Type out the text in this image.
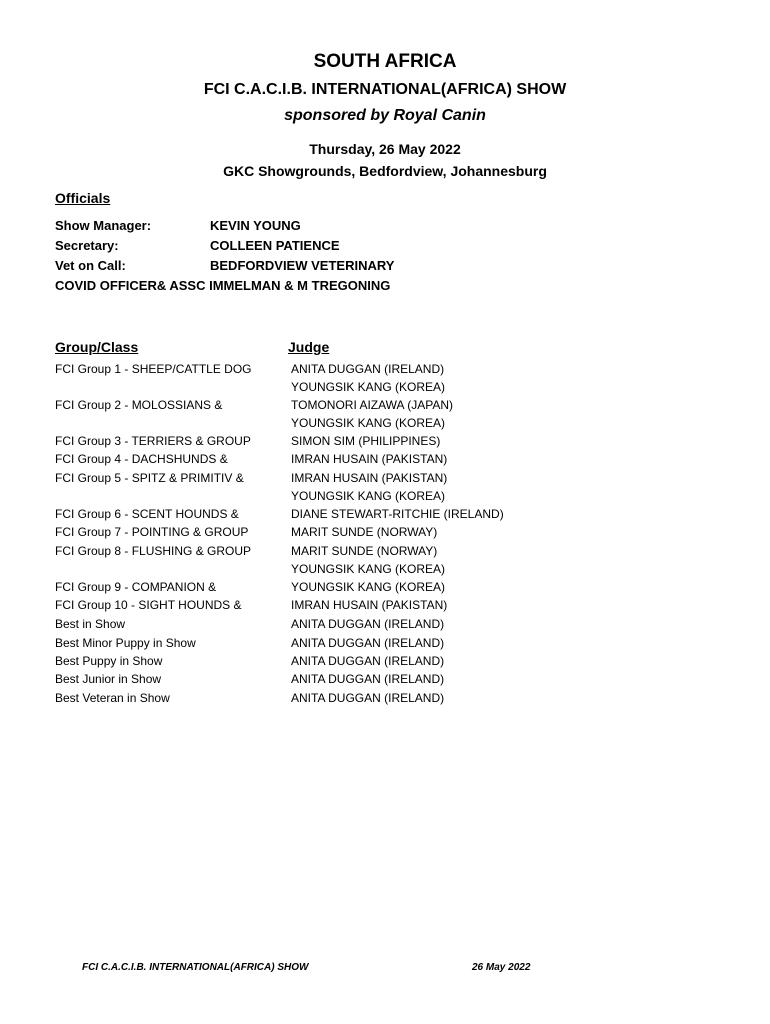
SOUTH AFRICA
FCI C.A.C.I.B. INTERNATIONAL(AFRICA) SHOW
sponsored by Royal Canin
Thursday, 26 May 2022
GKC Showgrounds, Bedfordview, Johannesburg
Officials
Show Manager:	KEVIN YOUNG
Secretary:	COLLEEN PATIENCE
Vet on Call:	BEDFORDVIEW VETERINARY
COVID OFFICER& ASSC IMMELMAN & M TREGONING
Group/Class	Judge
FCI Group 1 - SHEEP/CATTLE DOG	ANITA DUGGAN (IRELAND)
YOUNGSIK KANG (KOREA)
FCI Group 2 - MOLOSSIANS &	TOMONORI AIZAWA (JAPAN)
YOUNGSIK KANG (KOREA)
FCI Group 3 - TERRIERS & GROUP	SIMON SIM (PHILIPPINES)
FCI Group 4 - DACHSHUNDS &	IMRAN HUSAIN (PAKISTAN)
FCI Group 5 - SPITZ & PRIMITIV &	IMRAN HUSAIN (PAKISTAN)
YOUNGSIK KANG (KOREA)
FCI Group 6 - SCENT HOUNDS &	DIANE STEWART-RITCHIE (IRELAND)
FCI Group 7 - POINTING & GROUP	MARIT SUNDE (NORWAY)
FCI Group 8 - FLUSHING & GROUP	MARIT SUNDE (NORWAY)
YOUNGSIK KANG (KOREA)
FCI Group 9 - COMPANION &	YOUNGSIK KANG (KOREA)
FCI Group 10 - SIGHT HOUNDS &	IMRAN HUSAIN (PAKISTAN)
Best in Show	ANITA DUGGAN (IRELAND)
Best Minor Puppy in Show	ANITA DUGGAN (IRELAND)
Best Puppy in Show	ANITA DUGGAN (IRELAND)
Best Junior in Show	ANITA DUGGAN (IRELAND)
Best Veteran in Show	ANITA DUGGAN (IRELAND)
FCI C.A.C.I.B. INTERNATIONAL(AFRICA) SHOW	26 May 2022
